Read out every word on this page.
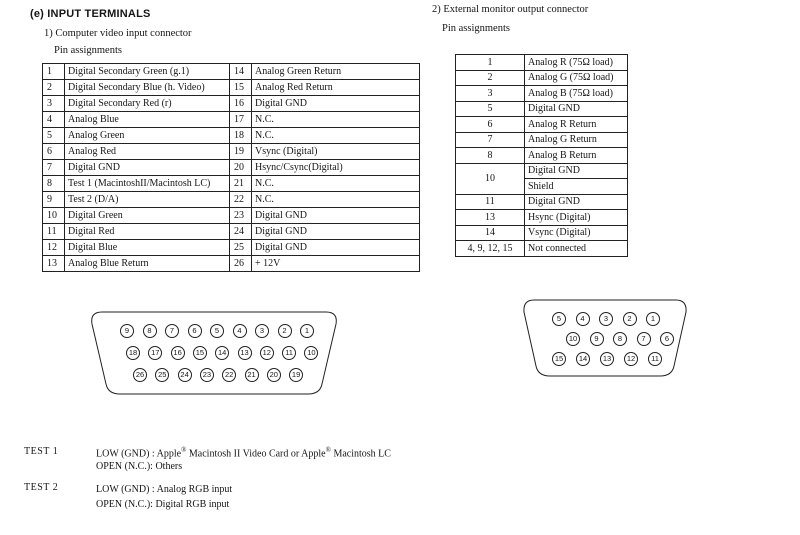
(e) INPUT TERMINALS
1) Computer video input connector
Pin assignments
1	Digital Secondary Green (g.1)	14	Analog Green Return
2	Digital Secondary Blue (h. Video)	15	Analog Red Return
3	Digital Secondary Red (r)	16	Digital GND
4	Analog Blue	17	N.C.
5	Analog Green	18	N.C.
6	Analog Red	19	Vsync (Digital)
7	Digital GND	20	Hsync/Csync(Digital)
8	Test 1 (MacintoshII/Macintosh LC)	21	N.C.
9	Test 2 (D/A)	22	N.C.
10	Digital Green	23	Digital GND
11	Digital Red	24	Digital GND
12	Digital Blue	25	Digital GND
13	Analog Blue Return	26	+ 12V
2) External monitor output connector
Pin assignments
1	Analog R (75Ω load)
2	Analog G (75Ω load)
3	Analog B (75Ω load)
5	Digital GND
6	Analog R Return
7	Analog G Return
8	Analog B Return
10	Digital GND
	Shield
11	Digital GND
13	Hsync (Digital)
14	Vsync (Digital)
4, 9, 12, 15	Not connected
9	8	7	6	5	4	3	2	1
18	17	16	15	14	13	12	11	10
26	25	24	23	22	21	20	19
5	4	3	2	1
10	9	8	7	6
15	14	13	12	11
TEST 1	LOW (GND) : Apple® Macintosh II Video Card or Apple® Macintosh LC
OPEN (N.C.): Others
TEST 2	LOW (GND) : Analog RGB input
OPEN (N.C.): Digital RGB input
